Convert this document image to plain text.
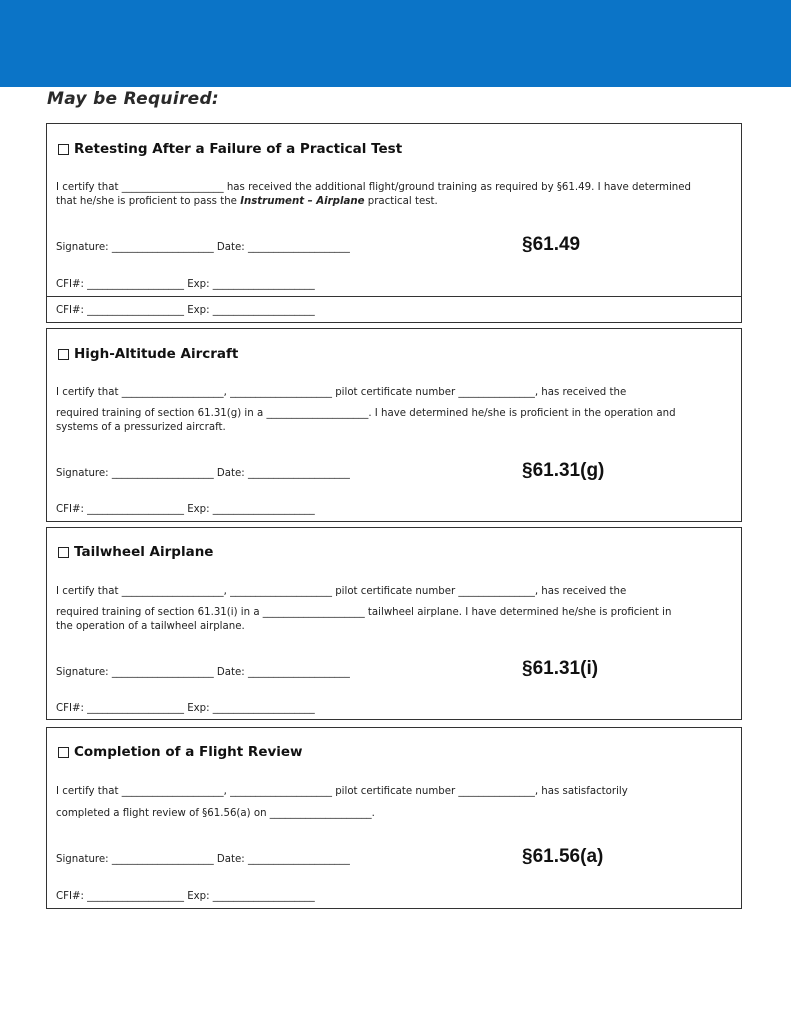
May be Required:
CFI#: ___________________ Exp: ____________________
Retesting After a Failure of a Practical Test
I certify that ____________________ has received the additional flight/ground training as required by §61.49. I have determined
that he/she is proficient to pass the Instrument – Airplane practical test.
Signature: ____________________ Date: ____________________	§61.49
CFI#: ___________________ Exp: ____________________
High-Altitude Aircraft
I certify that ____________________, ____________________ pilot certificate number _______________, has received the
required training of section 61.31(g) in a ____________________. I have determined he/she is proficient in the operation and
systems of a pressurized aircraft.
Signature: ____________________ Date: ____________________	§61.31(g)
CFI#: ___________________ Exp: ____________________
Tailwheel Airplane
I certify that ____________________, ____________________ pilot certificate number _______________, has received the
required training of section 61.31(i) in a ____________________ tailwheel airplane. I have determined he/she is proficient in
the operation of a tailwheel airplane.
Signature: ____________________ Date: ____________________	§61.31(i)
CFI#: ___________________ Exp: ____________________
Completion of a Flight Review
I certify that ____________________, ____________________ pilot certificate number _______________, has satisfactorily
completed a flight review of §61.56(a) on ____________________.
Signature: ____________________ Date: ____________________	§61.56(a)
CFI#: ___________________ Exp: ____________________
